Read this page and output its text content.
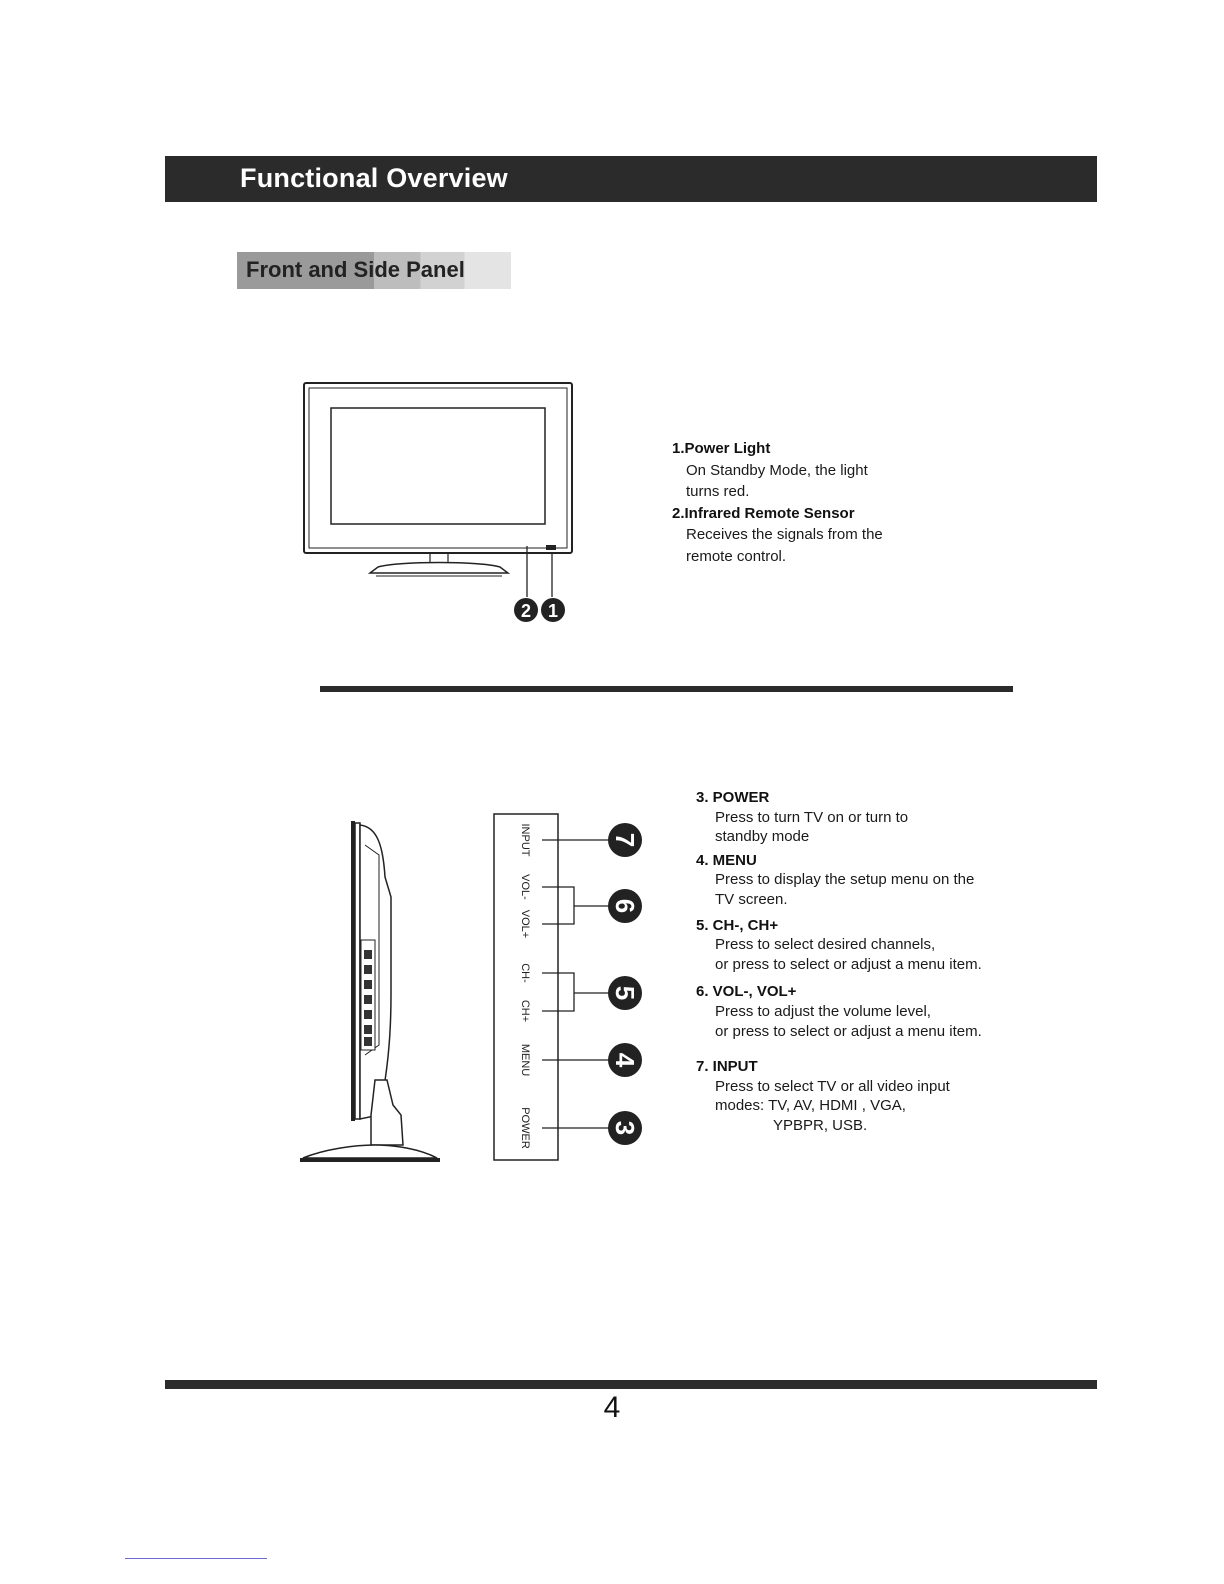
Functional Overview
Front and Side Panel
2 1
1.Power Light
On Standby Mode, the light
turns red.
2.Infrared Remote Sensor
Receives the signals from the
remote control.
INPUT
VOL-
VOL+
CH-
CH+
MENU
POWER
7
6
5
4
3
3. POWER
Press to turn TV on or turn to
standby mode
4. MENU
Press to display the setup menu on the
TV screen.
5. CH-, CH+
Press to select desired channels,
or press to select or adjust a menu item.
6. VOL-, VOL+
Press to adjust the volume level,
or press to select or adjust a menu item.
7. INPUT
Press to select TV or all video input
modes: TV, AV, HDMI , VGA,
YPBPR, USB.
4
